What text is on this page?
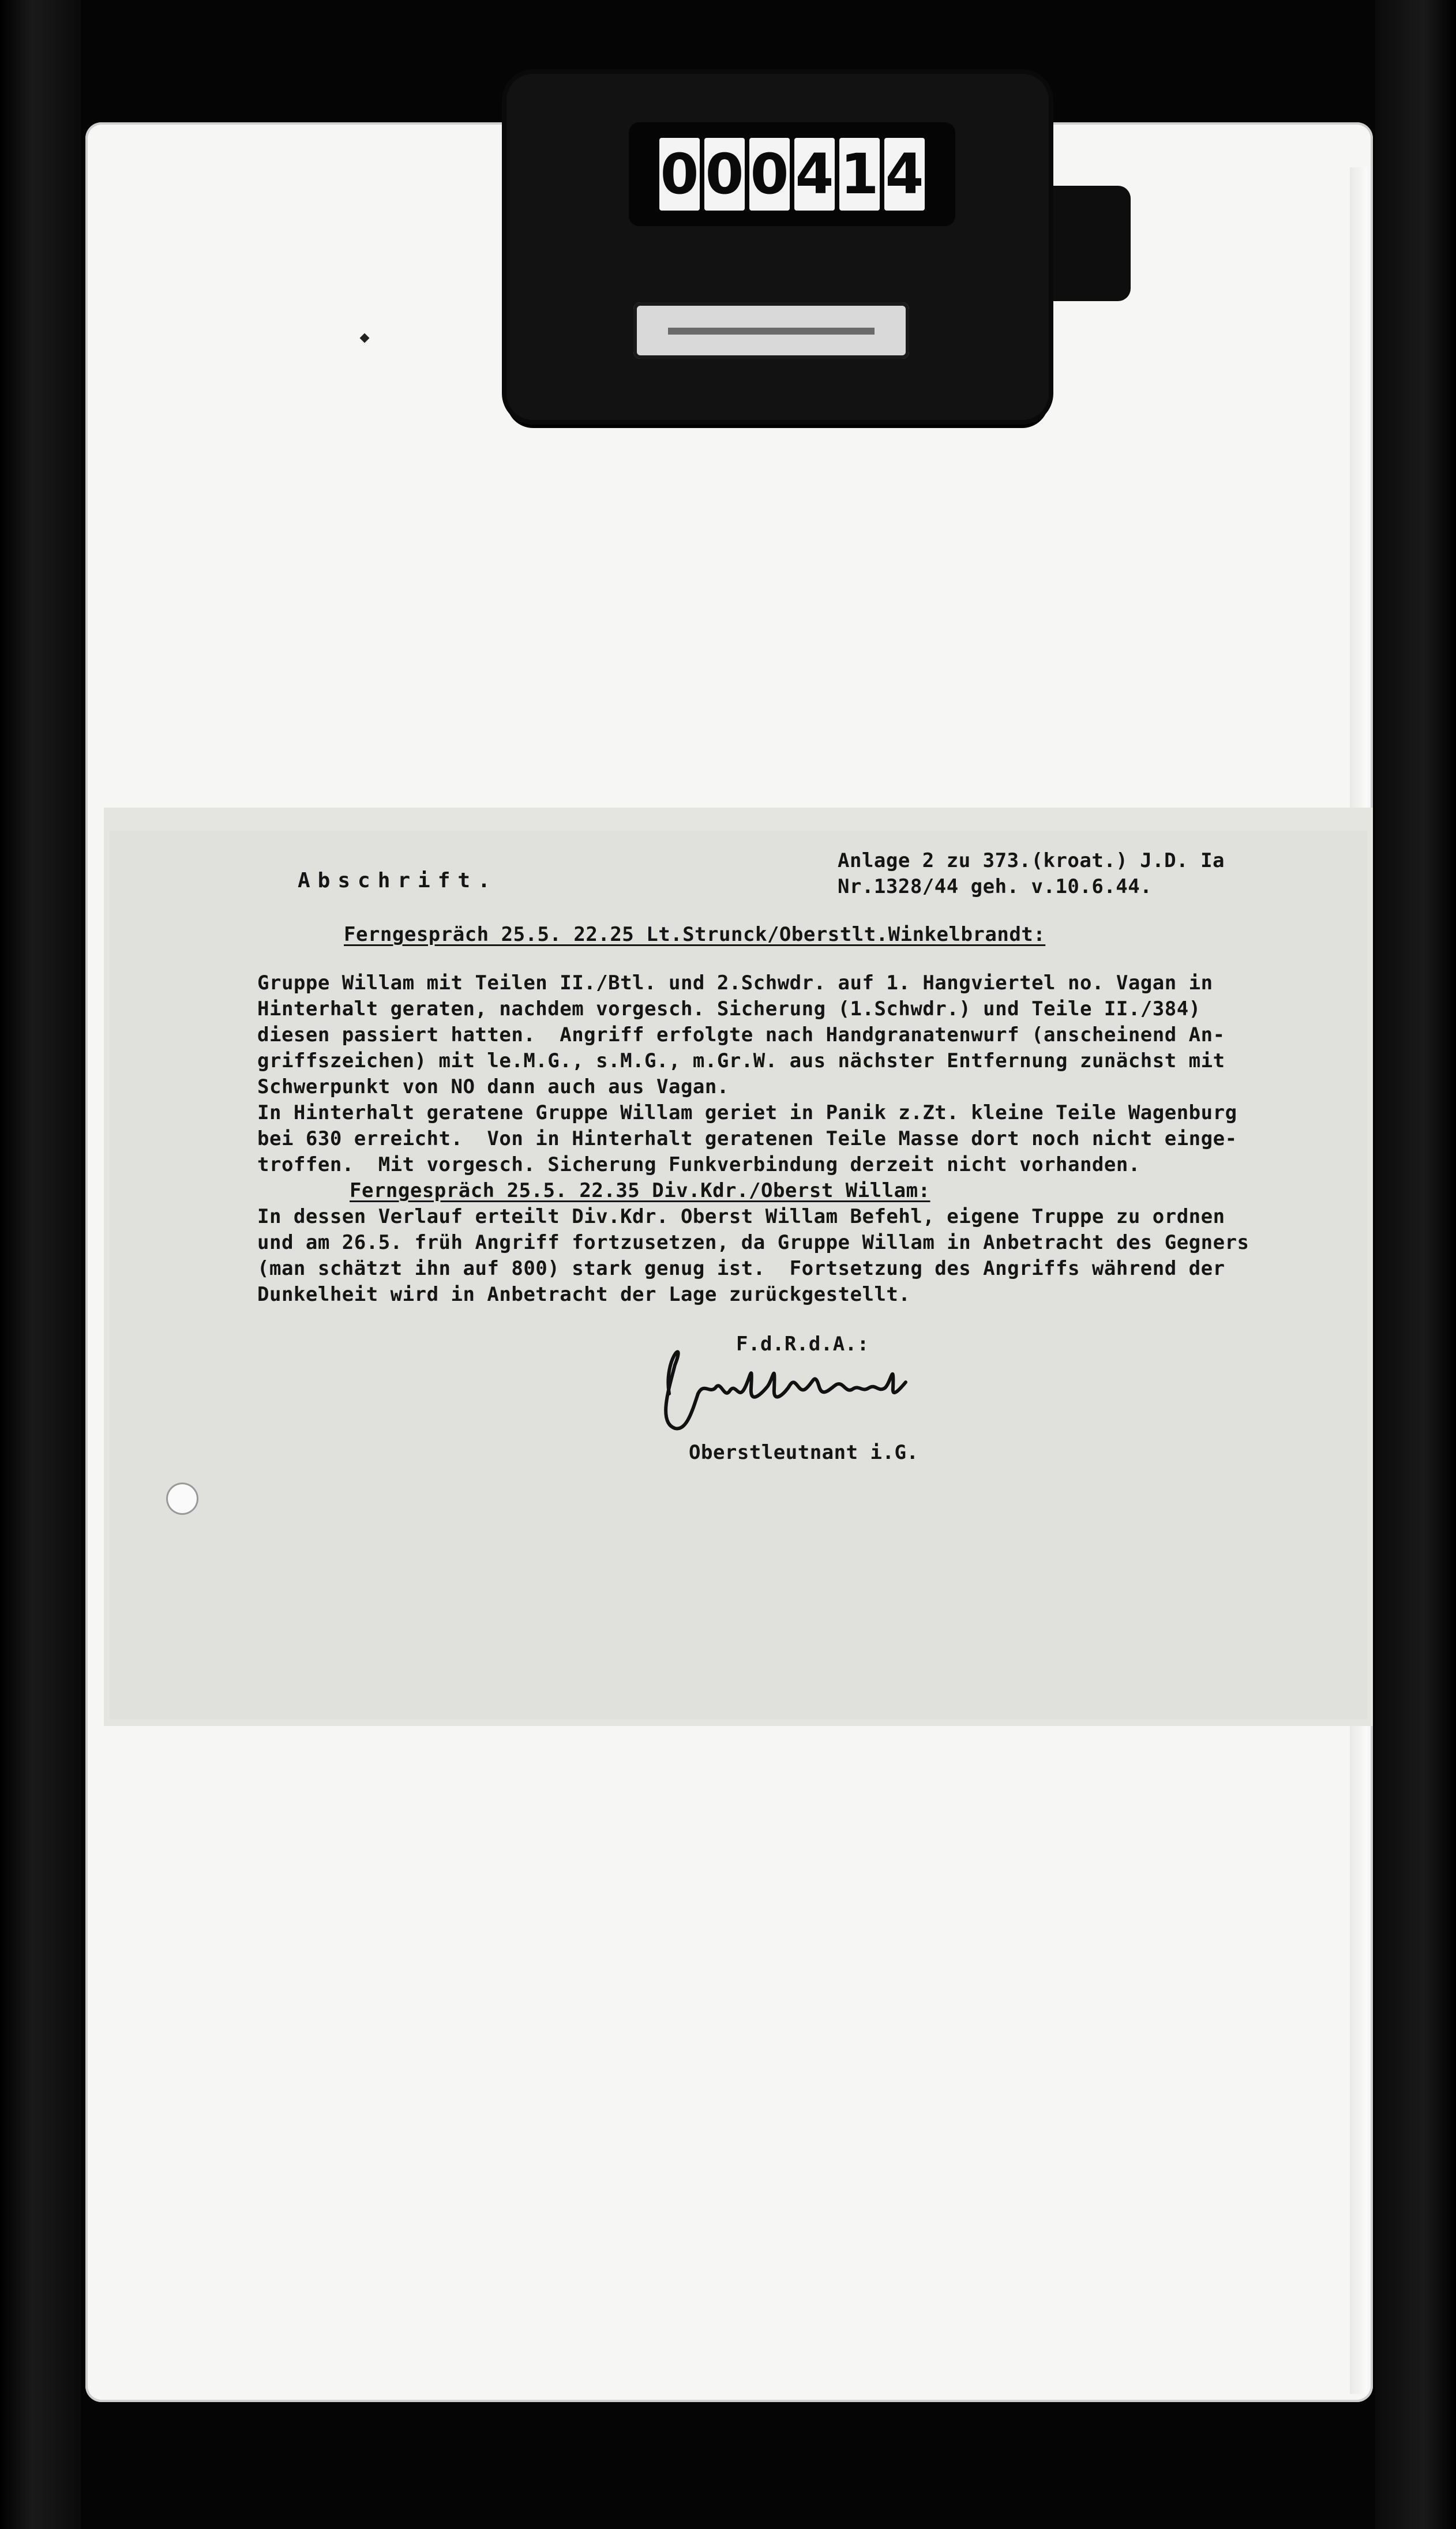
0 0 0 4 1 4
Abschrift.
Anlage 2 zu 373.(kroat.) J.D. Ia
Nr.1328/44 geh. v.10.6.44.
Ferngespräch 25.5. 22.25 Lt.Strunck/Oberstlt.Winkelbrandt:
Gruppe Willam mit Teilen II./Btl. und 2.Schwdr. auf 1. Hangviertel no. Vagan in
Hinterhalt geraten, nachdem vorgesch. Sicherung (1.Schwdr.) und Teile II./384)
diesen passiert hatten.  Angriff erfolgte nach Handgranatenwurf (anscheinend An-
griffszeichen) mit le.M.G., s.M.G., m.Gr.W. aus nächster Entfernung zunächst mit
Schwerpunkt von NO dann auch aus Vagan.
In Hinterhalt geratene Gruppe Willam geriet in Panik z.Zt. kleine Teile Wagenburg
bei 630 erreicht.  Von in Hinterhalt geratenen Teile Masse dort noch nicht einge-
troffen.  Mit vorgesch. Sicherung Funkverbindung derzeit nicht vorhanden.
Ferngespräch 25.5. 22.35 Div.Kdr./Oberst Willam:
In dessen Verlauf erteilt Div.Kdr. Oberst Willam Befehl, eigene Truppe zu ordnen
und am 26.5. früh Angriff fortzusetzen, da Gruppe Willam in Anbetracht des Gegners
(man schätzt ihn auf 800) stark genug ist.  Fortsetzung des Angriffs während der
Dunkelheit wird in Anbetracht der Lage zurückgestellt.
F.d.R.d.A.:
Oberstleutnant i.G.
